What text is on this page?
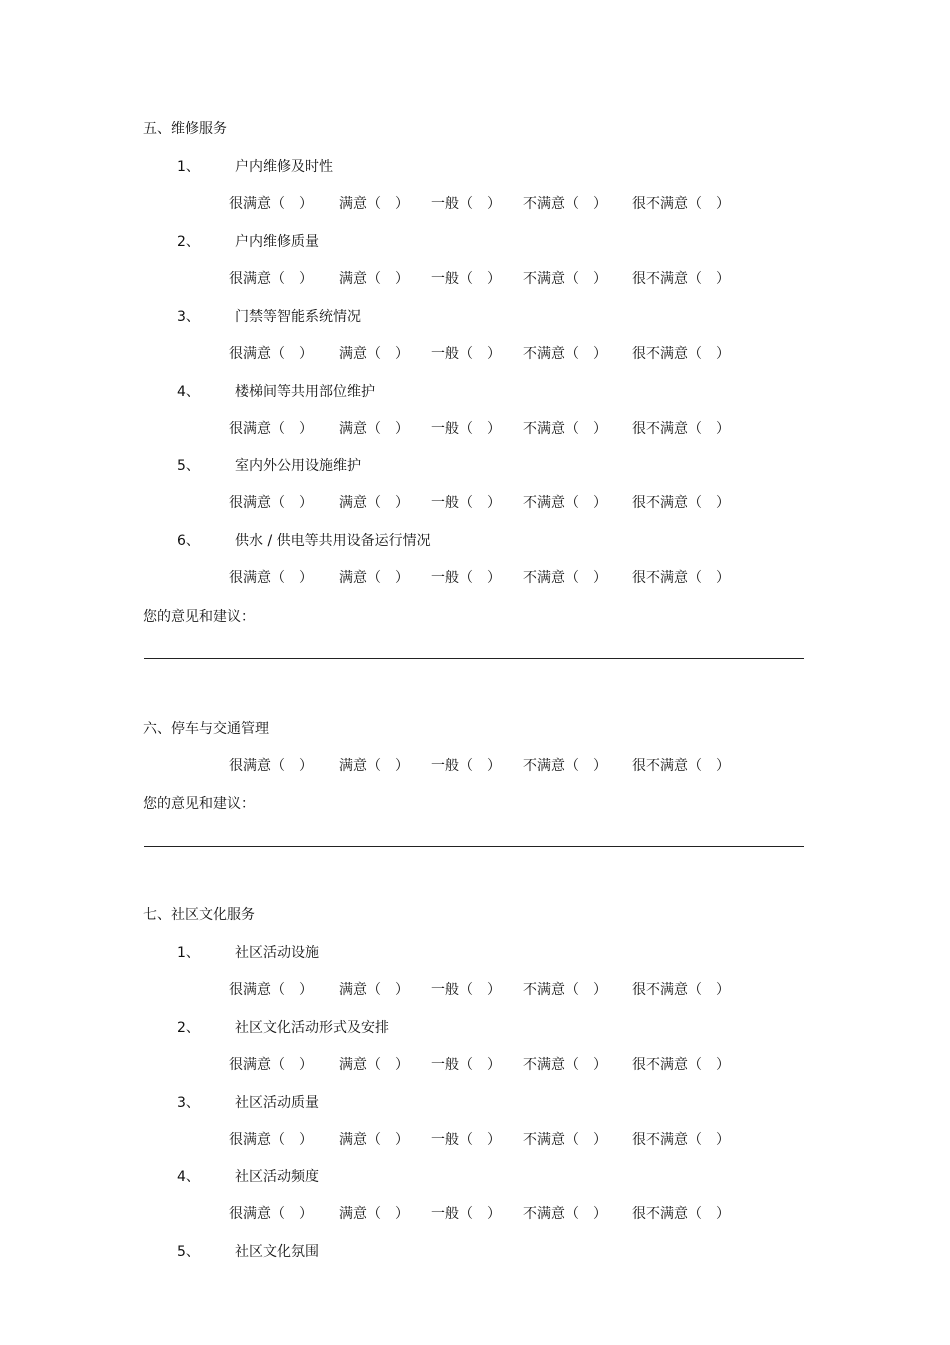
五、维修服务
1、	户内维修及时性
很满意（　） 满意（　） 一般（　） 不满意（　） 很不满意（　）
2、	户内维修质量
很满意（　） 满意（　） 一般（　） 不满意（　） 很不满意（　）
3、	门禁等智能系统情况
很满意（　） 满意（　） 一般（　） 不满意（　） 很不满意（　）
4、	楼梯间等共用部位维护
很满意（　） 满意（　） 一般（　） 不满意（　） 很不满意（　）
5、	室内外公用设施维护
很满意（　） 满意（　） 一般（　） 不满意（　） 很不满意（　）
6、	供水 / 供电等共用设备运行情况
很满意（　） 满意（　） 一般（　） 不满意（　） 很不满意（　）
您的意见和建议：
六、停车与交通管理
很满意（　） 满意（　） 一般（　） 不满意（　） 很不满意（　）
您的意见和建议：
七、社区文化服务
1、	社区活动设施
很满意（　） 满意（　） 一般（　） 不满意（　） 很不满意（　）
2、	社区文化活动形式及安排
很满意（　） 满意（　） 一般（　） 不满意（　） 很不满意（　）
3、	社区活动质量
很满意（　） 满意（　） 一般（　） 不满意（　） 很不满意（　）
4、	社区活动频度
很满意（　） 满意（　） 一般（　） 不满意（　） 很不满意（　）
5、	社区文化氛围
